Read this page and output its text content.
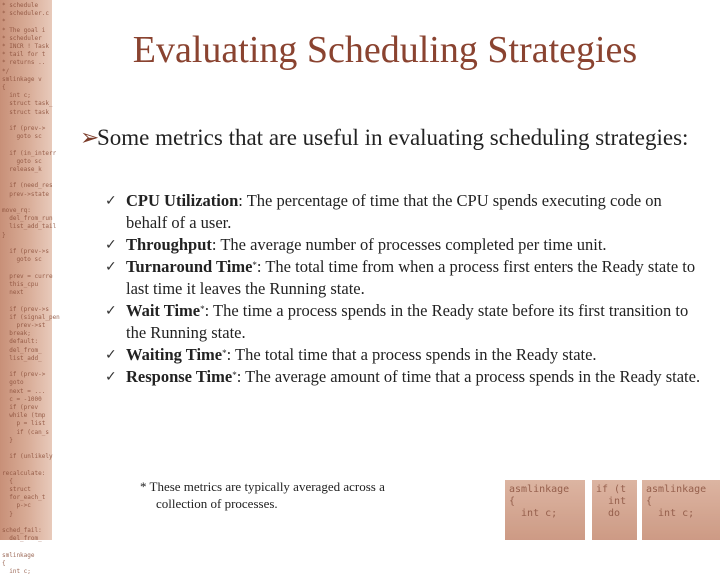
* schedule
* scheduler.c
*
* The goal i
* scheduler
* INCR ! Task
* tail for t
* returns ..
*/
smlinkage v
{
int c;
struct task_
struct task

if (prev->
goto sc

if (in_interr
goto sc
release_k

if (need_res
prev->state

move_rq:
del_from_run
list_add_tail
}

if (prev->s
goto sc

prev = curre
this_cpu
next

if (prev->s
if (signal_pen
prev->st
break;
default:
del_from_
list_add_

if (prev->
goto
next = ...
c = -1000
if (prev
while (tmp
p = list
if (can_s
}

if (unlikely

recalculate:
{
struct
for_each_t
p->c
}

sched_fail:
del_from_

smlinkage
{
int c;
Evaluating Scheduling Strategies
➢
Some metrics that are useful in evaluating scheduling strategies:
✓ CPU Utilization: The percentage of time that the CPU spends executing code on behalf of a user.
✓ Throughput: The average number of processes completed per time unit.
✓ Turnaround Time*: The total time from when a process first enters the Ready state to last time it leaves the Running state.
✓ Wait Time*: The time a process spends in the Ready state before its first transition to the Running state.
✓ Waiting Time*: The total time that a process spends in the Ready state.
✓ Response Time*: The average amount of time that a process spends in the Ready state.
* These metrics are typically averaged across a
collection of processes.
asmlinkage
{
int c;
if (t
int
do
asmlinkage
{
int c;
